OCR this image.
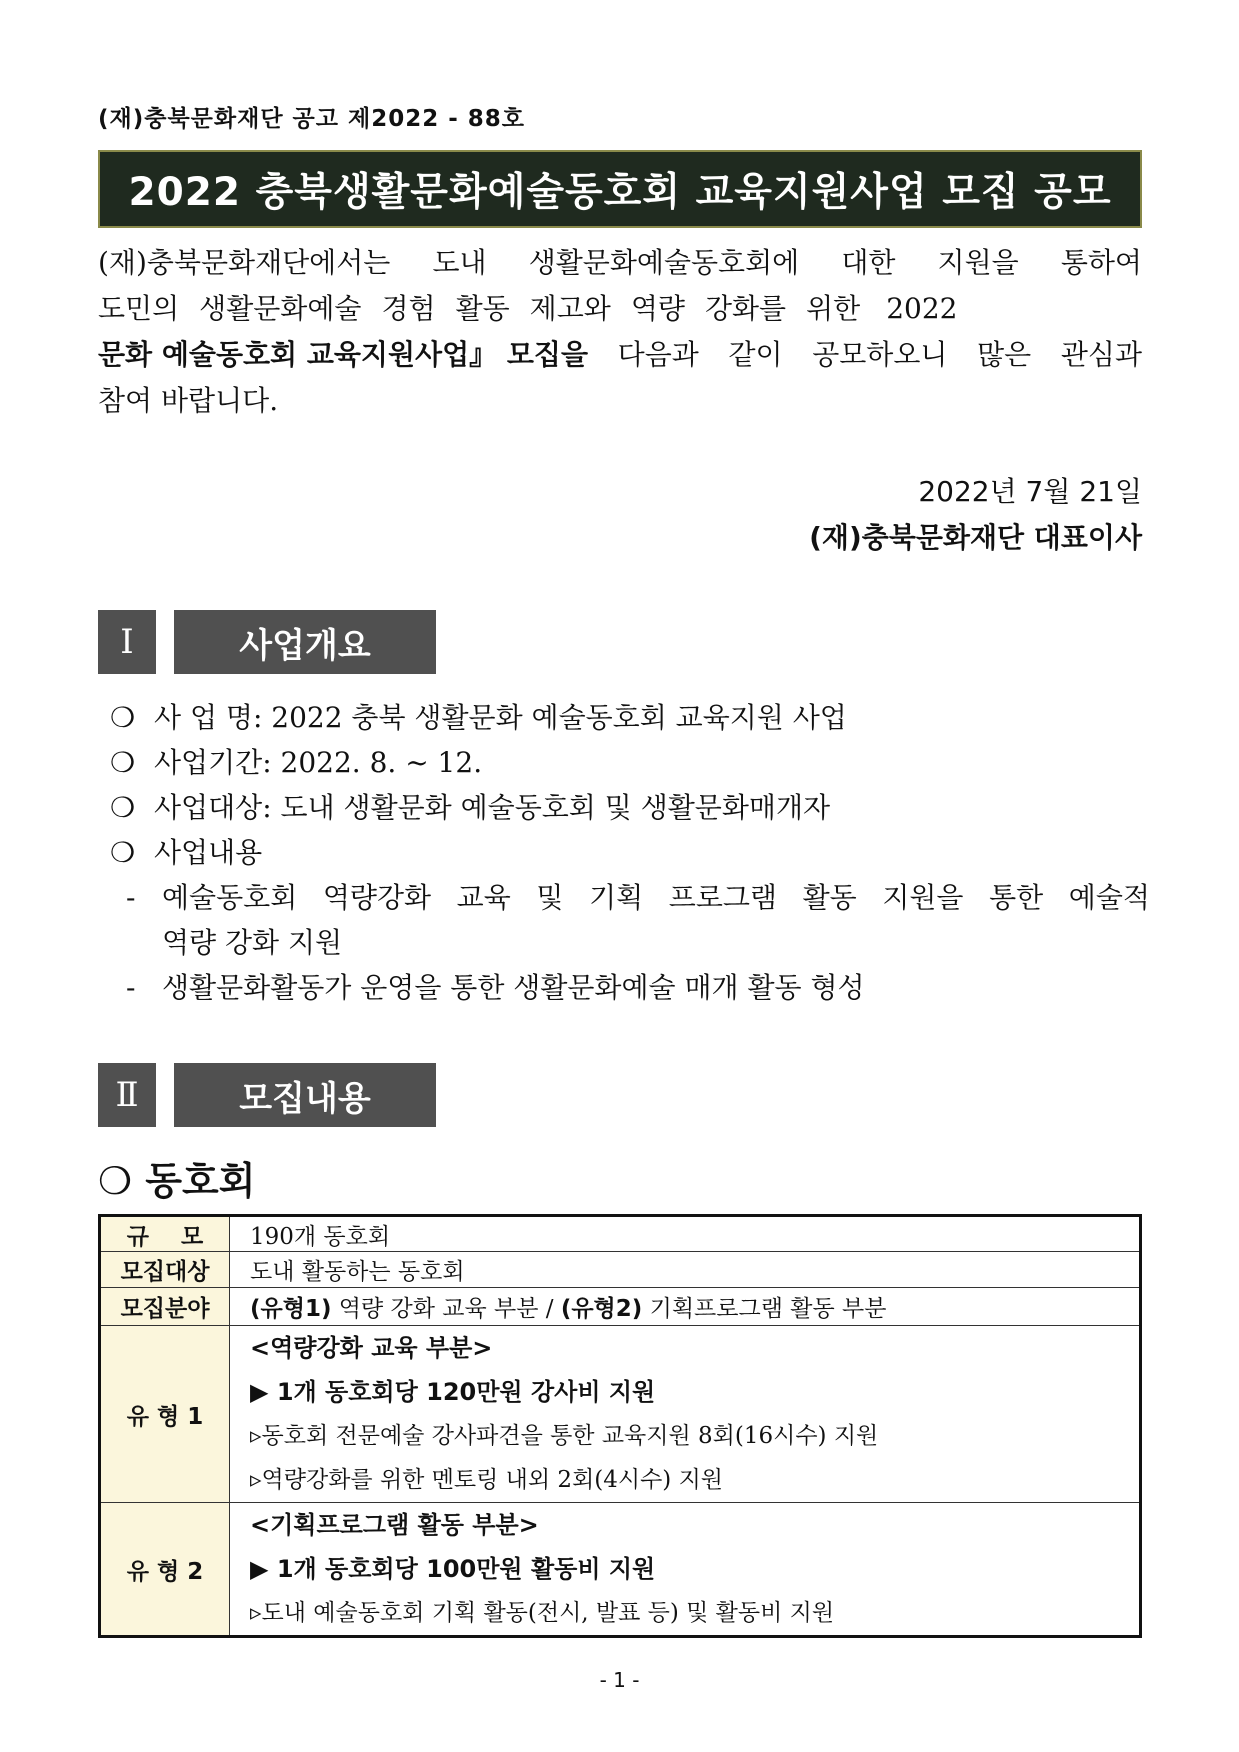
(재)충북문화재단 공고 제2022 - 88호
2022 충북생활문화예술동호회 교육지원사업 모집 공모
(재)충북문화재단에서는 도내 생활문화예술동호회에 대한 지원을 통하여
도민의 생활문화예술 경험 활동 제고와 역량 강화를 위한 2022
문화 예술동호회 교육지원사업』 모집을 다음과 같이 공모하오니 많은 관심과
참여 바랍니다.
2022년 7월 21일
(재)충북문화재단 대표이사
Ⅰ	사업개요
❍ 사 업 명: 2022 충북 생활문화 예술동호회 교육지원 사업
❍ 사업기간: 2022. 8. ~ 12.
❍ 사업대상: 도내 생활문화 예술동호회 및 생활문화매개자
❍ 사업내용
- 예술동호회 역량강화 교육 및 기획 프로그램 활동 지원을 통한 예술적
역량 강화 지원
- 생활문화활동가 운영을 통한 생활문화예술 매개 활동 형성
Ⅱ	모집내용
❍ 동호회
규    모	190개 동호회
모집대상	도내 활동하는 동호회
모집분야	(유형1) 역량 강화 교육 부분 / (유형2) 기획프로그램 활동 부분
유 형 1	<역량강화 교육 부분>
▶ 1개 동호회당 120만원 강사비 지원
▹동호회 전문예술 강사파견을 통한 교육지원 8회(16시수) 지원
▹역량강화를 위한 멘토링 내외 2회(4시수) 지원

유 형 2	<기획프로그램 활동 부분>
▶ 1개 동호회당 100만원 활동비 지원
▹도내 예술동호회 기획 활동(전시, 발표 등) 및 활동비 지원
- 1 -
